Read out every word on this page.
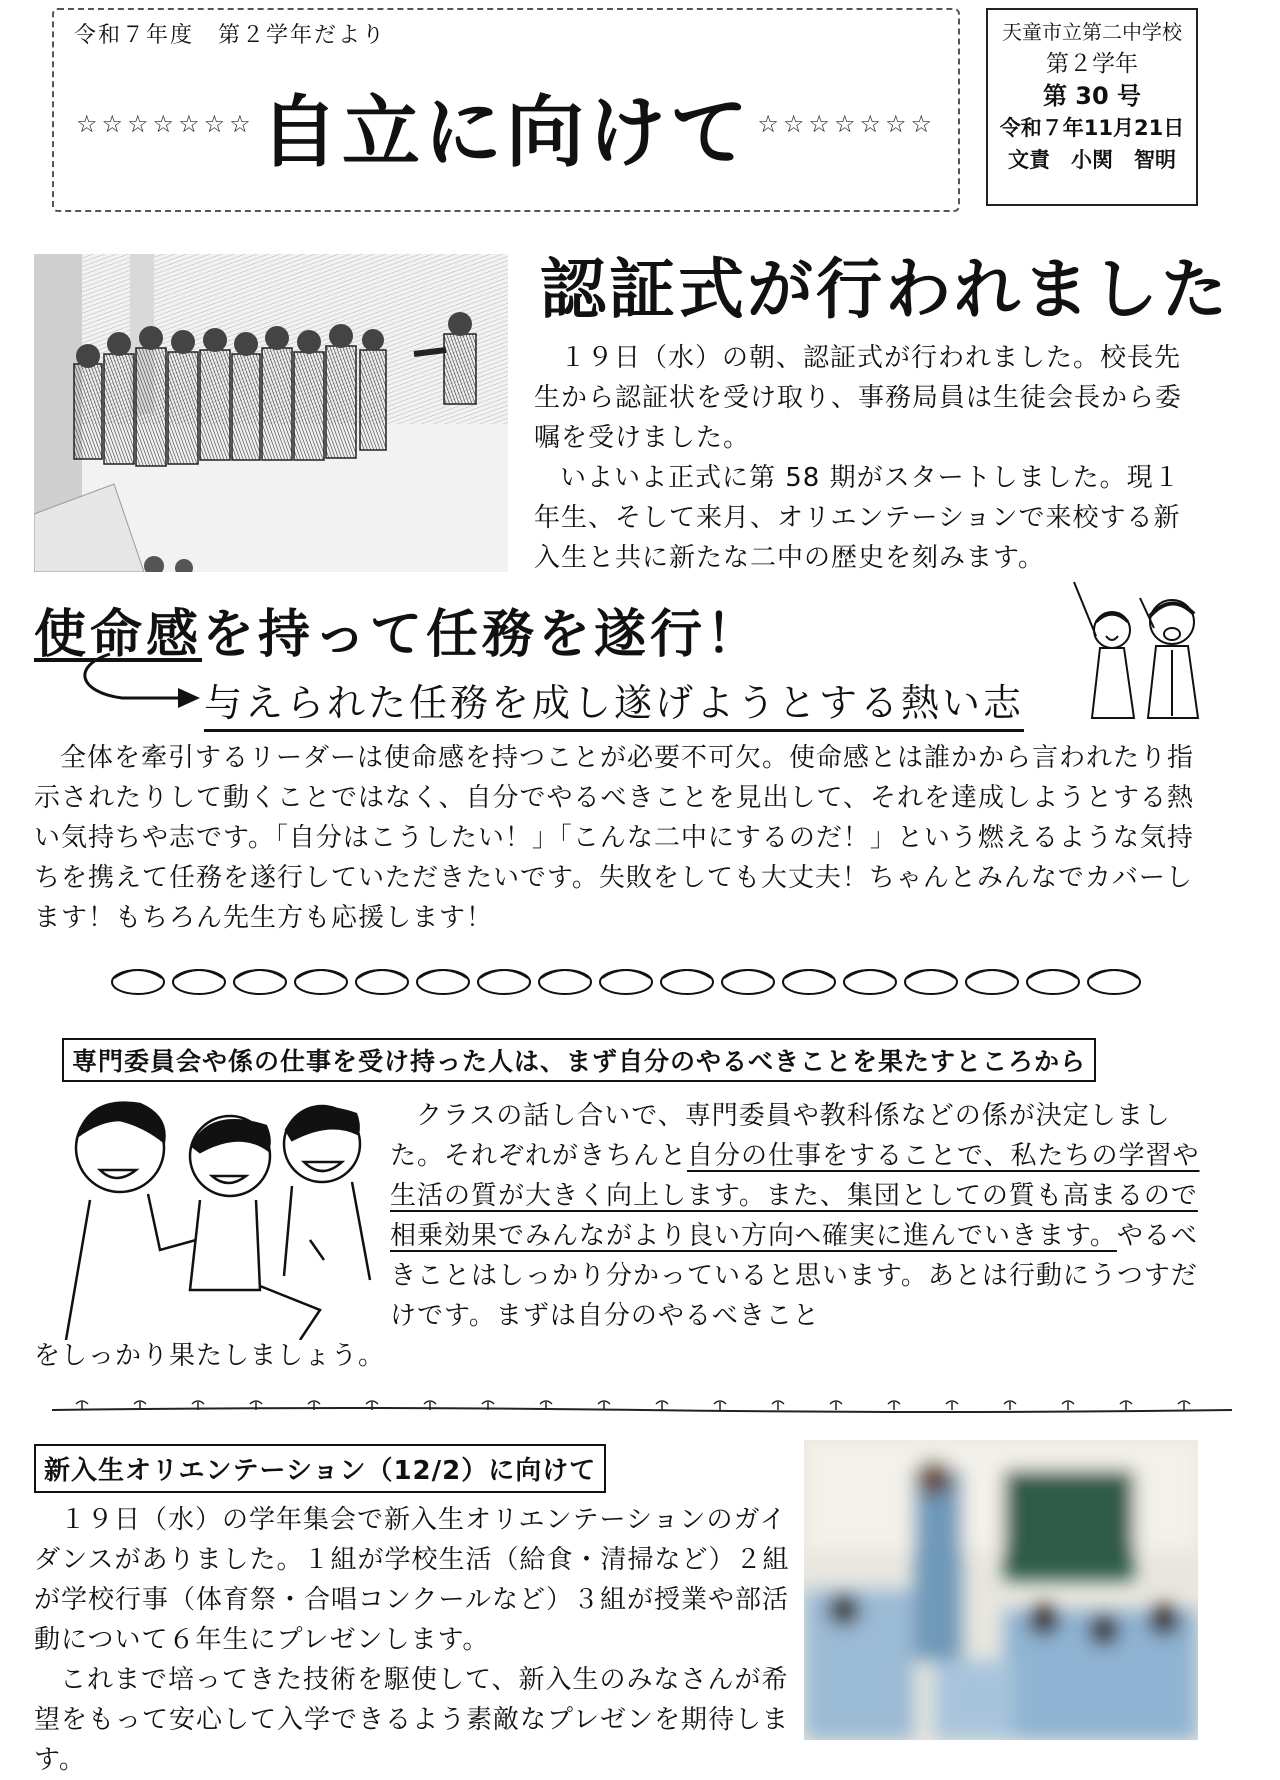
令和７年度　第２学年だより
☆☆☆☆☆☆☆ 自立に向けて ☆☆☆☆☆☆☆
天童市立第二中学校
第２学年
第 30 号
令和７年11月21日
文責　小関　智明
認証式が行われました

１９日（水）の朝、認証式が行われました。校長先生から認証状を受け取り、事務局員は生徒会長から委嘱を受けました。

いよいよ正式に第 58 期がスタートしました。現１年生、そして来月、オリエンテーションで来校する新入生と共に新たな二中の歴史を刻みます。

使命感を持って任務を遂行！
与えられた任務を成し遂げようとする熱い志

全体を牽引するリーダーは使命感を持つことが必要不可欠。使命感とは誰かから言われたり指示されたりして動くことではなく、自分でやるべきことを見出して、それを達成しようとする熱い気持ちや志です。「自分はこうしたい！」「こんな二中にするのだ！」という燃えるような気持ちを携えて任務を遂行していただきたいです。失敗をしても大丈夫！ちゃんとみんなでカバーします！もちろん先生方も応援します！

専門委員会や係の仕事を受け持った人は、まず自分のやるべきことを果たすところから

クラスの話し合いで、専門委員や教科係などの係が決定しました。それぞれがきちんと自分の仕事をすることで、私たちの学習や生活の質が大きく向上します。また、集団としての質も高まるので相乗効果でみんながより良い方向へ確実に進んでいきます。やるべきことはしっかり分かっていると思います。あとは行動にうつすだけです。まずは自分のやるべきこと

をしっかり果たしましょう。

新入生オリエンテーション（12/2）に向けて

１９日（水）の学年集会で新入生オリエンテーションのガイダンスがありました。１組が学校生活（給食・清掃など）２組が学校行事（体育祭・合唱コンクールなど）３組が授業や部活動について６年生にプレゼンします。

これまで培ってきた技術を駆使して、新入生のみなさんが希望をもって安心して入学できるよう素敵なプレゼンを期待します。
